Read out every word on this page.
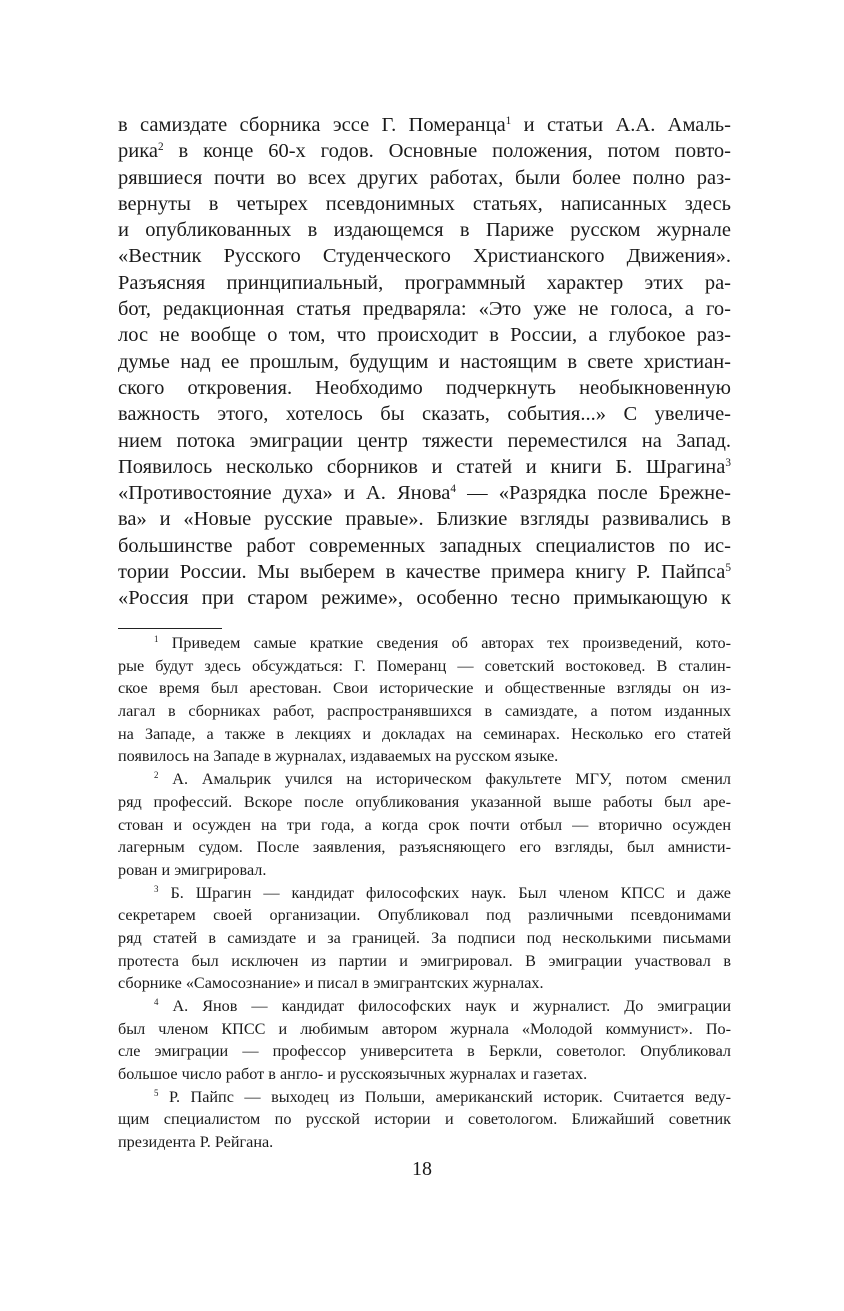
в самиздате сборника эссе Г. Померанца$^1$ и статьи А.А. Амаль-
рика$^2$ в конце 60-х годов. Основные положения, потом повто-
рявшиеся почти во всех других работах, были более полно раз-
вернуты в четырех псевдонимных статьях, написанных здесь
и опубликованных в издающемся в Париже русском журнале
«Вестник Русского Студенческого Христианского Движения».
Разъясняя принципиальный, программный характер этих ра-
бот, редакционная статья предваряла: «Это уже не голоса, а го-
лос не вообще о том, что происходит в России, а глубокое раз-
думье над ее прошлым, будущим и настоящим в свете христиан-
ского откровения. Необходимо подчеркнуть необыкновенную
важность этого, хотелось бы сказать, события...» С увеличе-
нием потока эмиграции центр тяжести переместился на Запад.
Появилось несколько сборников и статей и книги Б. Шрагина$^3$
«Противостояние духа» и А. Янова$^4$ — «Разрядка после Брежне-
ва» и «Новые русские правые». Близкие взгляды развивались в
большинстве работ современных западных специалистов по ис-
тории России. Мы выберем в качестве примера книгу Р. Пайпса$^5$
«Россия при старом режиме», особенно тесно примыкающую к
$^1$ Приведем самые краткие сведения об авторах тех произведений, кото-
рые будут здесь обсуждаться: Г. Померанц — советский востоковед. В сталин-
ское время был арестован. Свои исторические и общественные взгляды он из-
лагал в сборниках работ, распространявшихся в самиздате, а потом изданных
на Западе, а также в лекциях и докладах на семинарах. Несколько его статей
появилось на Западе в журналах, издаваемых на русском языке.
$^2$ А. Амальрик учился на историческом факультете МГУ, потом сменил
ряд профессий. Вскоре после опубликования указанной выше работы был аре-
стован и осужден на три года, а когда срок почти отбыл — вторично осужден
лагерным судом. После заявления, разъясняющего его взгляды, был амнисти-
рован и эмигрировал.
$^3$ Б. Шрагин — кандидат философских наук. Был членом КПСС и даже
секретарем своей организации. Опубликовал под различными псевдонимами
ряд статей в самиздате и за границей. За подписи под несколькими письмами
протеста был исключен из партии и эмигрировал. В эмиграции участвовал в
сборнике «Самосознание» и писал в эмигрантских журналах.
$^4$ А. Янов — кандидат философских наук и журналист. До эмиграции
был членом КПСС и любимым автором журнала «Молодой коммунист». По-
сле эмиграции — профессор университета в Беркли, советолог. Опубликовал
большое число работ в англо- и русскоязычных журналах и газетах.
$^5$ Р. Пайпс — выходец из Польши, американский историк. Считается веду-
щим специалистом по русской истории и советологом. Ближайший советник
президента Р. Рейгана.
18
